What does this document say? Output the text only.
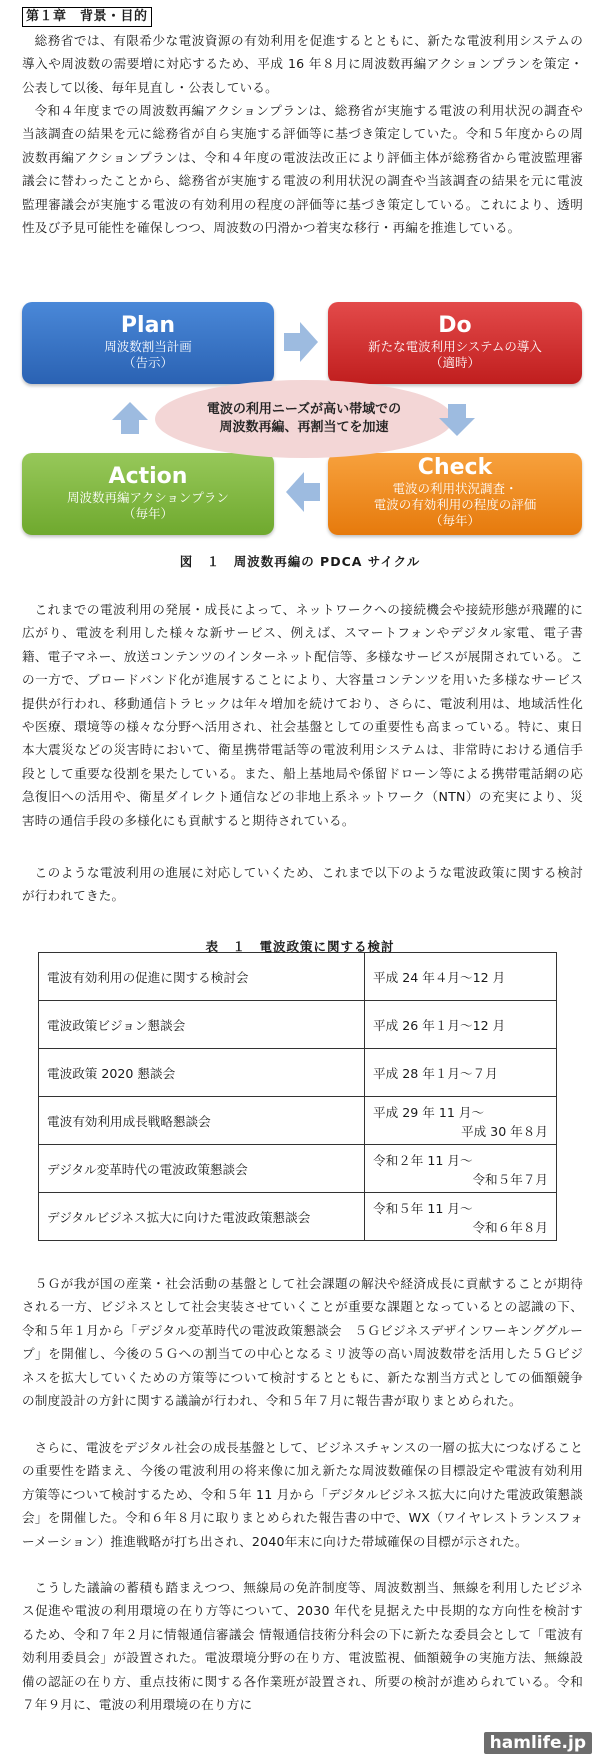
第１章　背景・目的

総務省では、有限希少な電波資源の有効利用を促進するとともに、新たな電波利用システムの導入や周波数の需要増に対応するため、平成 16 年８月に周波数再編アクションプランを策定・公表して以後、毎年見直し・公表している。

令和４年度までの周波数再編アクションプランは、総務省が実施する電波の利用状況の調査や当該調査の結果を元に総務省が自ら実施する評価等に基づき策定していた。令和５年度からの周波数再編アクションプランは、令和４年度の電波法改正により評価主体が総務省から電波監理審議会に替わったことから、総務省が実施する電波の利用状況の調査や当該調査の結果を元に電波監理審議会が実施する電波の有効利用の程度の評価等に基づき策定している。これにより、透明性及び予見可能性を確保しつつ、周波数の円滑かつ着実な移行・再編を推進している。

Plan
周波数割当計画
（告示）
Do
新たな電波利用システムの導入
（適時）
Action
周波数再編アクションプラン
（毎年）
Check
電波の利用状況調査・
電波の有効利用の程度の評価
（毎年）
電波の利用ニーズが高い帯域での
周波数再編、再割当てを加速
図　１　周波数再編の PDCA サイクル

これまでの電波利用の発展・成長によって、ネットワークへの接続機会や接続形態が飛躍的に広がり、電波を利用した様々な新サービス、例えば、スマートフォンやデジタル家電、電子書籍、電子マネー、放送コンテンツのインターネット配信等、多様なサービスが展開されている。この一方で、ブロードバンド化が進展することにより、大容量コンテンツを用いた多様なサービス提供が行われ、移動通信トラヒックは年々増加を続けており、さらに、電波利用は、地域活性化や医療、環境等の様々な分野へ活用され、社会基盤としての重要性も高まっている。特に、東日本大震災などの災害時において、衛星携帯電話等の電波利用システムは、非常時における通信手段として重要な役割を果たしている。また、船上基地局や係留ドローン等による携帯電話網の応急復旧への活用や、衛星ダイレクト通信などの非地上系ネットワーク（NTN）の充実により、災害時の通信手段の多様化にも貢献すると期待されている。

このような電波利用の進展に対応していくため、これまで以下のような電波政策に関する検討が行われてきた。

表　１　電波政策に関する検討
電波有効利用の促進に関する検討会	平成 24 年４月～12 月

電波政策ビジョン懇談会	平成 26 年１月～12 月

電波政策 2020 懇談会	平成 28 年１月～７月

電波有効利用成長戦略懇談会	平成 29 年 11 月～
平成 30 年８月

デジタル変革時代の電波政策懇談会	令和２年 11 月～
令和５年７月

デジタルビジネス拡大に向けた電波政策懇談会	令和５年 11 月～
令和６年８月

５Ｇが我が国の産業・社会活動の基盤として社会課題の解決や経済成長に貢献することが期待される一方、ビジネスとして社会実装させていくことが重要な課題となっているとの認識の下、令和５年１月から「デジタル変革時代の電波政策懇談会　５Ｇビジネスデザインワーキンググループ」を開催し、今後の５Ｇへの割当ての中心となるミリ波等の高い周波数帯を活用した５Ｇビジネスを拡大していくための方策等について検討するとともに、新たな割当方式としての価額競争の制度設計の方針に関する議論が行われ、令和５年７月に報告書が取りまとめられた。

さらに、電波をデジタル社会の成長基盤として、ビジネスチャンスの一層の拡大につなげることの重要性を踏まえ、今後の電波利用の将来像に加え新たな周波数確保の目標設定や電波有効利用方策等について検討するため、令和５年 11 月から「デジタルビジネス拡大に向けた電波政策懇談会」を開催した。令和６年８月に取りまとめられた報告書の中で、WX（ワイヤレストランスフォーメーション）推進戦略が打ち出され、2040年末に向けた帯域確保の目標が示された。

こうした議論の蓄積も踏まえつつ、無線局の免許制度等、周波数割当、無線を利用したビジネス促進や電波の利用環境の在り方等について、2030 年代を見据えた中長期的な方向性を検討するため、令和７年２月に情報通信審議会 情報通信技術分科会の下に新たな委員会として「電波有効利用委員会」が設置された。電波環境分野の在り方、電波監視、価額競争の実施方法、無線設備の認証の在り方、重点技術に関する各作業班が設置され、所要の検討が進められている。令和７年９月に、電波の利用環境の在り方に

hamlife.jp
